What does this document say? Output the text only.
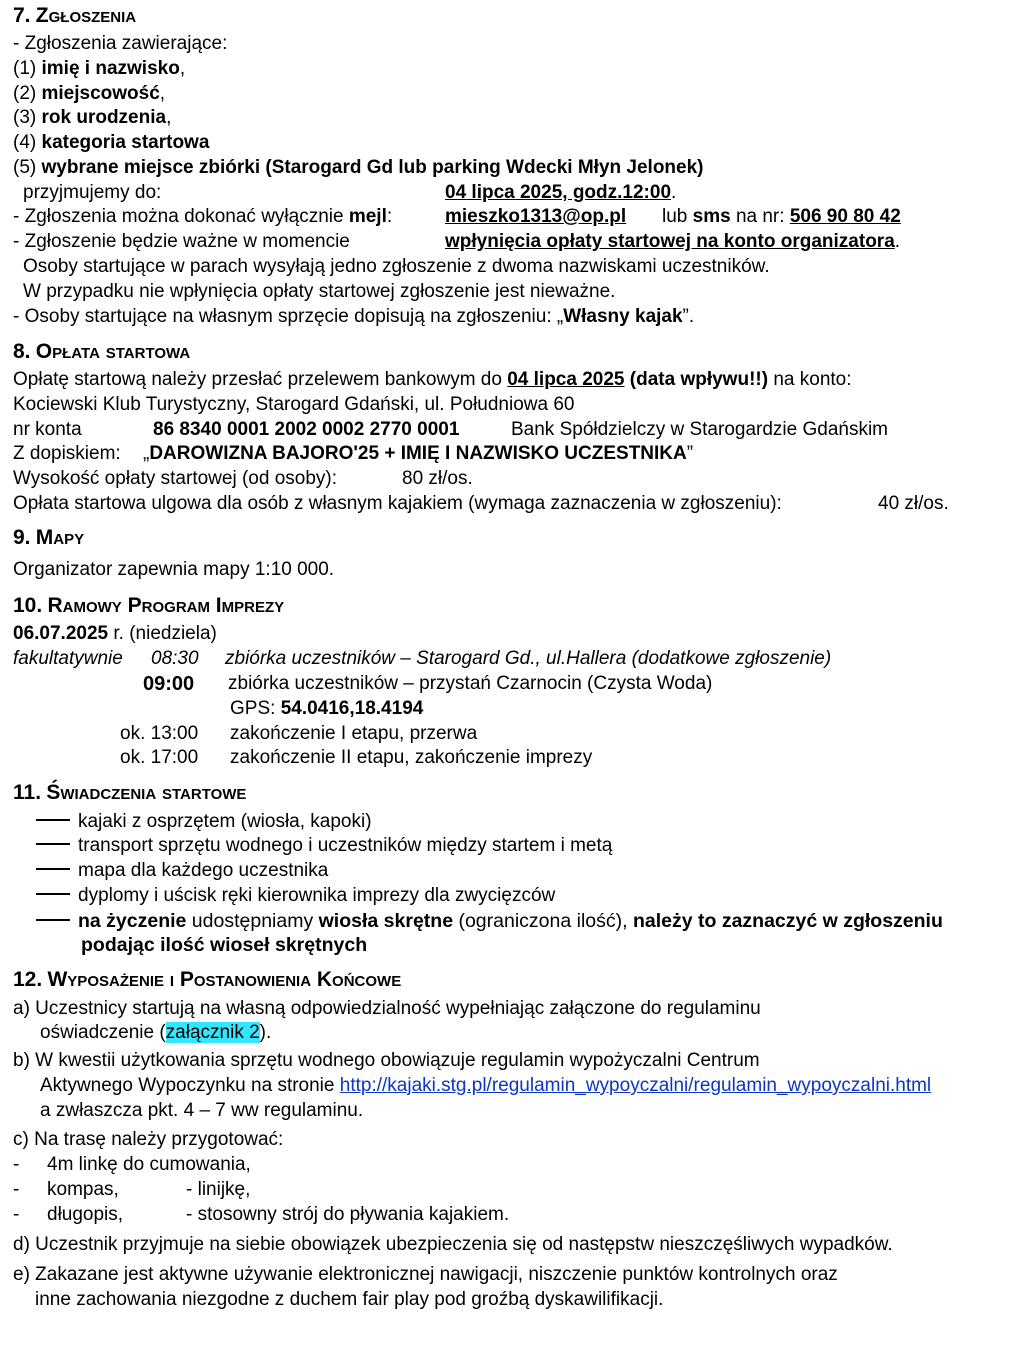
7. Zgłoszenia
- Zgłoszenia zawierające:
(1) imię i nazwisko,
(2) miejscowość,
(3) rok urodzenia,
(4) kategoria startowa
(5) wybrane miejsce zbiórki (Starogard Gd lub parking Wdecki Młyn Jelonek)
przyjmujemy do:	04 lipca 2025, godz.12:00.
- Zgłoszenia można dokonać wyłącznie mejl:	mieszko1313@op.pl lub sms na nr: 506 90 80 42
- Zgłoszenie będzie ważne w momencie	wpłynięcia opłaty startowej na konto organizatora.
Osoby startujące w parach wysyłają jedno zgłoszenie z dwoma nazwiskami uczestników.
W przypadku nie wpłynięcia opłaty startowej zgłoszenie jest nieważne.
- Osoby startujące na własnym sprzęcie dopisują na zgłoszeniu: „Własny kajak”.
8. Opłata startowa
Opłatę startową należy przesłać przelewem bankowym do 04 lipca 2025 (data wpływu!!) na konto:
Kociewski Klub Turystyczny, Starogard Gdański, ul. Południowa 60
nr konta	86 8340 0001 2002 0002 2770 0001	Bank Spółdzielczy w Starogardzie Gdańskim
Z dopiskiem: „DAROWIZNA BAJORO'25 + IMIĘ I NAZWISKO UCZESTNIKA”
Wysokość opłaty startowej (od osoby):	80 zł/os.
Opłata startowa ulgowa dla osób z własnym kajakiem (wymaga zaznaczenia w zgłoszeniu):	40 zł/os.
9. Mapy
Organizator zapewnia mapy 1:10 000.
10. Ramowy Program Imprezy
06.07.2025 r. (niedziela)
fakultatywnie 08:30 zbiórka uczestników – Starogard Gd., ul.Hallera (dodatkowe zgłoszenie)
09:00 zbiórka uczestników – przystań Czarnocin (Czysta Woda)
GPS: 54.0416,18.4194
ok. 13:00 zakończenie I etapu, przerwa
ok. 17:00 zakończenie II etapu, zakończenie imprezy
11. Świadczenia startowe
kajaki z osprzętem (wiosła, kapoki)
transport sprzętu wodnego i uczestników między startem i metą
mapa dla każdego uczestnika
dyplomy i uścisk ręki kierownika imprezy dla zwycięzców
na życzenie udostępniamy wiosła skrętne (ograniczona ilość), należy to zaznaczyć w zgłoszeniu
podając ilość wioseł skrętnych
12. Wyposażenie i Postanowienia Końcowe
a) Uczestnicy startują na własną odpowiedzialność wypełniając załączone do regulaminu
oświadczenie (załącznik 2).
b) W kwestii użytkowania sprzętu wodnego obowiązuje regulamin wypożyczalni Centrum
Aktywnego Wypoczynku na stronie http://kajaki.stg.pl/regulamin_wypoyczalni/regulamin_wypoyczalni.html
a zwłaszcza pkt. 4 – 7 ww regulaminu.
c) Na trasę należy przygotować:
- 4m linkę do cumowania,
- kompas,	- linijkę,
- długopis,	- stosowny strój do pływania kajakiem.
d) Uczestnik przyjmuje na siebie obowiązek ubezpieczenia się od następstw nieszczęśliwych wypadków.
e) Zakazane jest aktywne używanie elektronicznej nawigacji, niszczenie punktów kontrolnych oraz
inne zachowania niezgodne z duchem fair play pod groźbą dyskawilifikacji.
